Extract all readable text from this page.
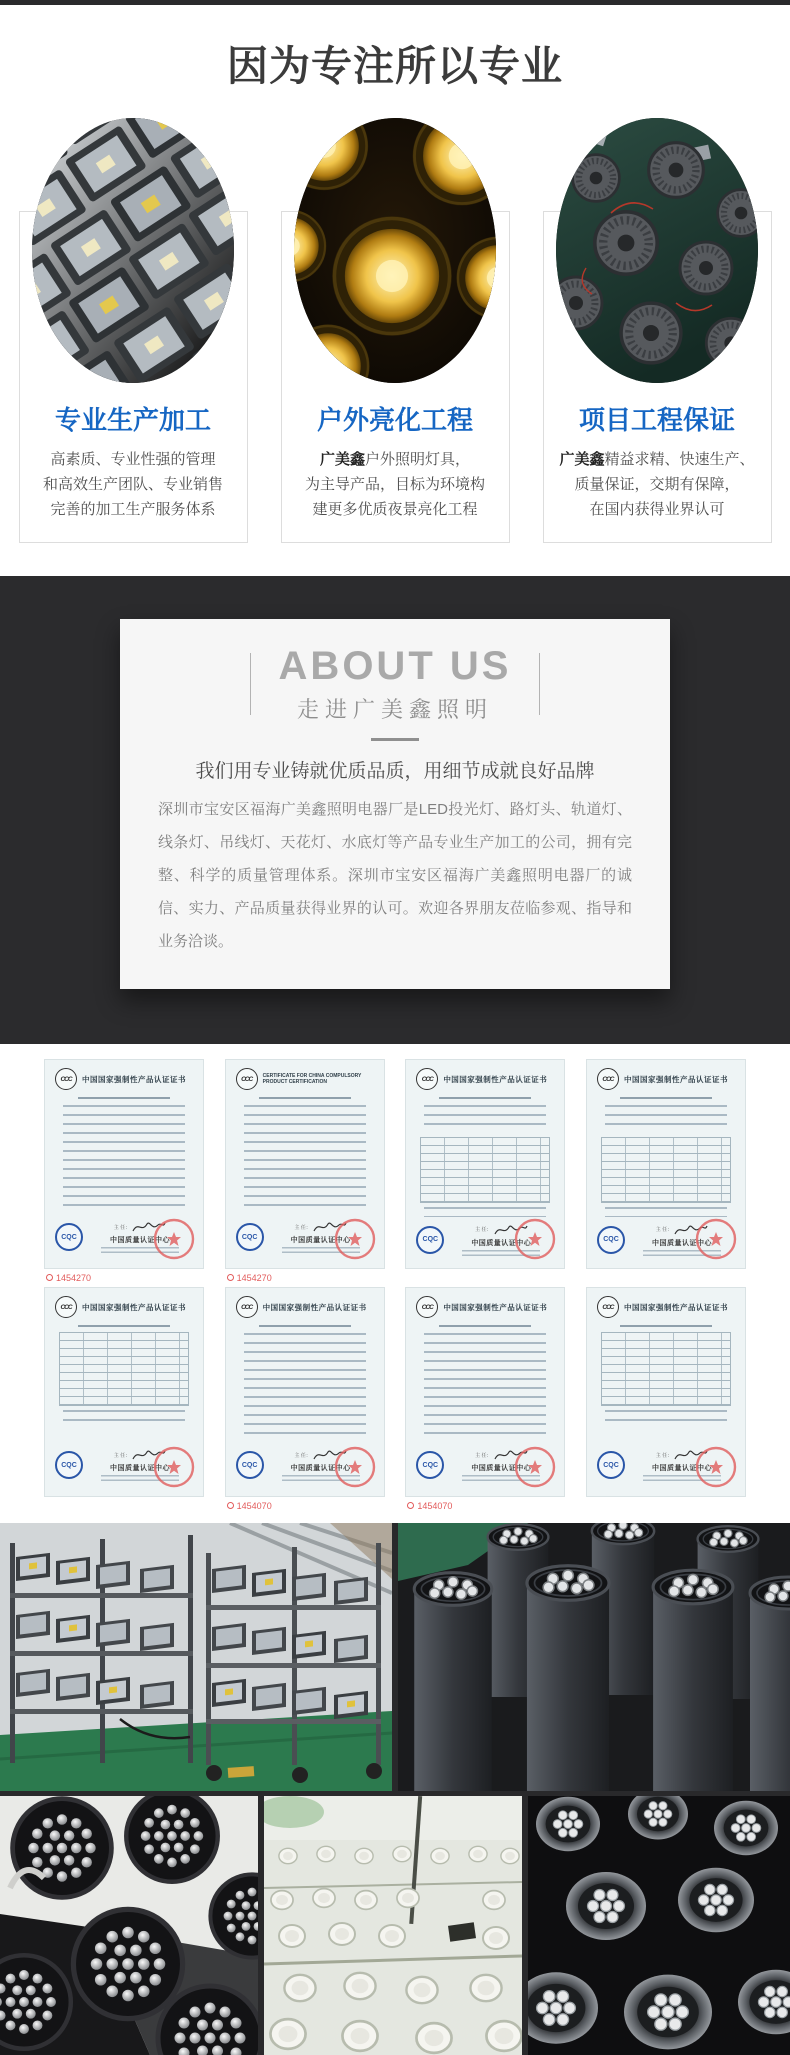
因为专注所以专业
专业生产加工

高素质、专业性强的管理
和高效生产团队、专业销售
完善的加工生产服务体系

户外亮化工程

广美鑫户外照明灯具，
为主导产品，目标为环境构
建更多优质夜景亮化工程

项目工程保证

广美鑫精益求精、快速生产、
质量保证，交期有保障，
在国内获得业界认可

ABOUT US
走进广美鑫照明
我们用专业铸就优质品质，用细节成就良好品牌

深圳市宝安区福海广美鑫照明电器厂是LED投光灯、路灯头、轨道灯、线条灯、吊线灯、天花灯、水底灯等产品专业生产加工的公司，拥有完整、科学的质量管理体系。深圳市宝安区福海广美鑫照明电器厂的诚信、实力、产品质量获得业界的认可。欢迎各界朋友莅临参观、指导和业务洽谈。

CCC	中国国家强制性产品认证证书
CQC
主 任：
中国质量认证中心
1454270
CCC	CERTIFICATE FOR CHINA COMPULSORY PRODUCT CERTIFICATION
CQC
主 任：
中国质量认证中心
1454270
CCC	中国国家强制性产品认证证书
CQC
主 任：
中国质量认证中心
CCC	中国国家强制性产品认证证书
CQC
主 任：
中国质量认证中心
CCC	中国国家强制性产品认证证书
CQC
主 任：
中国质量认证中心
CCC	中国国家强制性产品认证证书
CQC
主 任：
中国质量认证中心
1454070
CCC	中国国家强制性产品认证证书
CQC
主 任：
中国质量认证中心
1454070
CCC	中国国家强制性产品认证证书
CQC
主 任：
中国质量认证中心
